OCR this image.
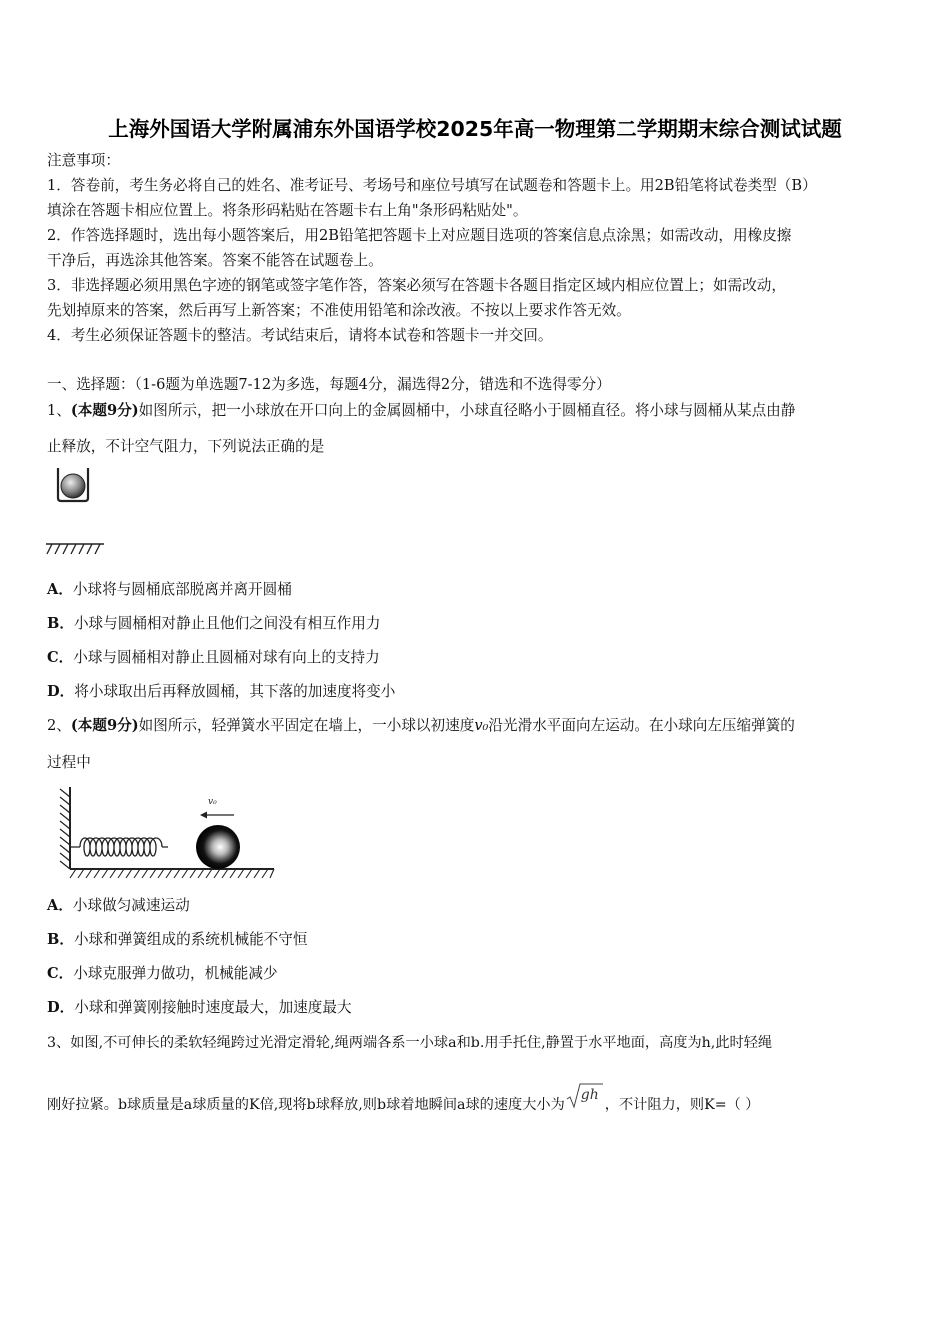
上海外国语大学附属浦东外国语学校2025年高一物理第二学期期末综合测试试题
注意事项：
1．答卷前，考生务必将自己的姓名、准考证号、考场号和座位号填写在试题卷和答题卡上。用2B铅笔将试卷类型（B）
填涂在答题卡相应位置上。将条形码粘贴在答题卡右上角"条形码粘贴处"。
2．作答选择题时，选出每小题答案后，用2B铅笔把答题卡上对应题目选项的答案信息点涂黑；如需改动，用橡皮擦
干净后，再选涂其他答案。答案不能答在试题卷上。
3．非选择题必须用黑色字迹的钢笔或签字笔作答，答案必须写在答题卡各题目指定区域内相应位置上；如需改动，
先划掉原来的答案，然后再写上新答案；不准使用铅笔和涂改液。不按以上要求作答无效。
4．考生必须保证答题卡的整洁。考试结束后，请将本试卷和答题卡一并交回。
一、选择题：（1-6题为单选题7-12为多选，每题4分，漏选得2分，错选和不选得零分）
1、(本题9分)如图所示，把一小球放在开口向上的金属圆桶中，小球直径略小于圆桶直径。将小球与圆桶从某点由静
止释放，不计空气阻力，下列说法正确的是
A．小球将与圆桶底部脱离并离开圆桶
B．小球与圆桶相对静止且他们之间没有相互作用力
C．小球与圆桶相对静止且圆桶对球有向上的支持力
D．将小球取出后再释放圆桶，其下落的加速度将变小
2、(本题9分)如图所示，轻弹簧水平固定在墙上，一小球以初速度v₀沿光滑水平面向左运动。在小球向左压缩弹簧的
过程中
v₀
A．小球做匀减速运动
B．小球和弹簧组成的系统机械能不守恒
C．小球克服弹力做功，机械能减少
D．小球和弹簧刚接触时速度最大，加速度最大
3、如图,不可伸长的柔软轻绳跨过光滑定滑轮,绳两端各系一小球a和b.用手托住,静置于水平地面，高度为h,此时轻绳
刚好拉紧。b球质量是a球质量的K倍,现将b球释放,则b球着地瞬间a球的速度大小为
gh
，不计阻力，则K=（ ）
